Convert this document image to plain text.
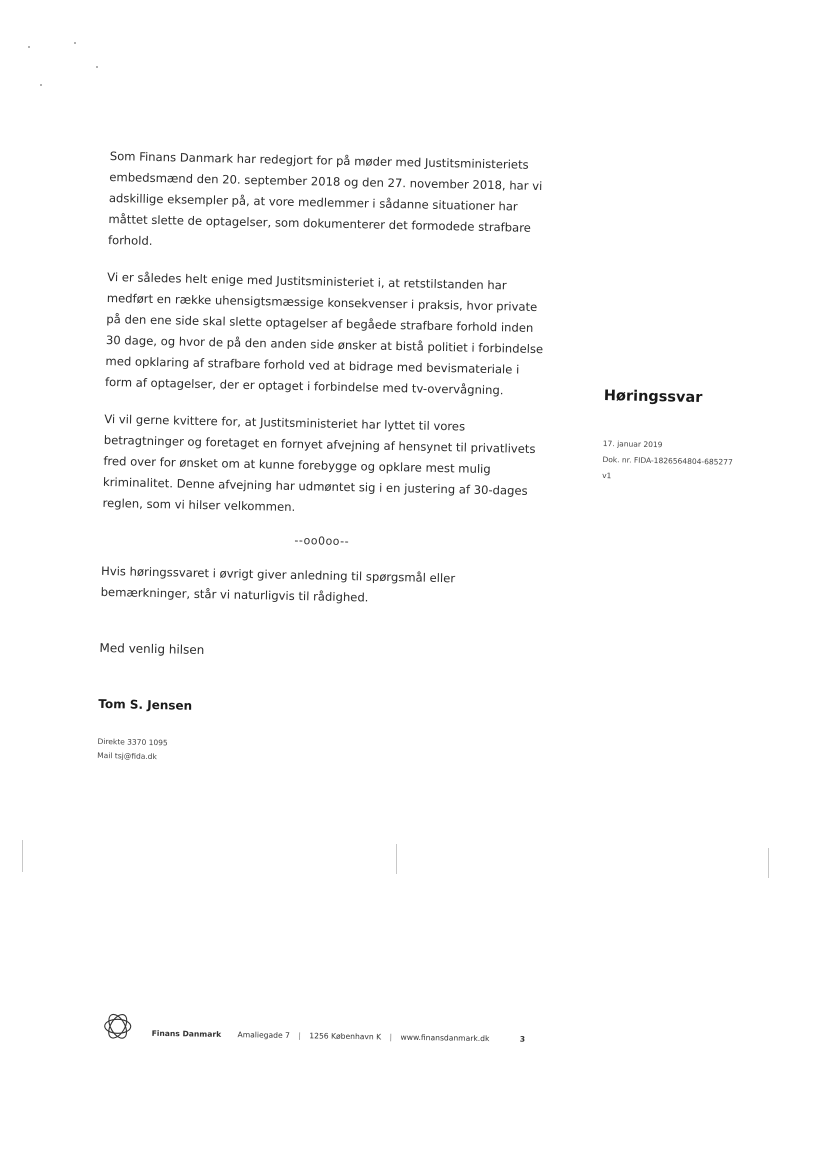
Som Finans Danmark har redegjort for på møder med Justitsministeriets embedsmænd den 20. september 2018 og den 27. november 2018, har vi adskillige eksempler på, at vore medlemmer i sådanne situationer har måttet slette de optagelser, som dokumenterer det formodede strafbare forhold.

Vi er således helt enige med Justitsministeriet i, at retstilstanden har medført en række uhensigtsmæssige konsekvenser i praksis, hvor private på den ene side skal slette optagelser af begåede strafbare forhold inden 30 dage, og hvor de på den anden side ønsker at bistå politiet i forbindelse med opklaring af strafbare forhold ved at bidrage med bevismateriale i form af optagelser, der er optaget i forbindelse med tv-overvågning.

Vi vil gerne kvittere for, at Justitsministeriet har lyttet til vores betragtninger og foretaget en fornyet afvejning af hensynet til privatlivets fred over for ønsket om at kunne forebygge og opklare mest mulig kriminalitet. Denne afvejning har udmøntet sig i en justering af 30-dages reglen, som vi hilser velkommen.

--oo0oo--

Hvis høringssvaret i øvrigt giver anledning til spørgsmål eller bemærkninger, står vi naturligvis til rådighed.

Med venlig hilsen
Tom S. Jensen
Direkte 3370 1095
Mail tsj@fida.dk
Høringssvar
17. januar 2019
Dok. nr. FIDA-1826564804-685277
v1
Finans Danmark Amaliegade 7 | 1256 København K | www.finansdanmark.dk	3
